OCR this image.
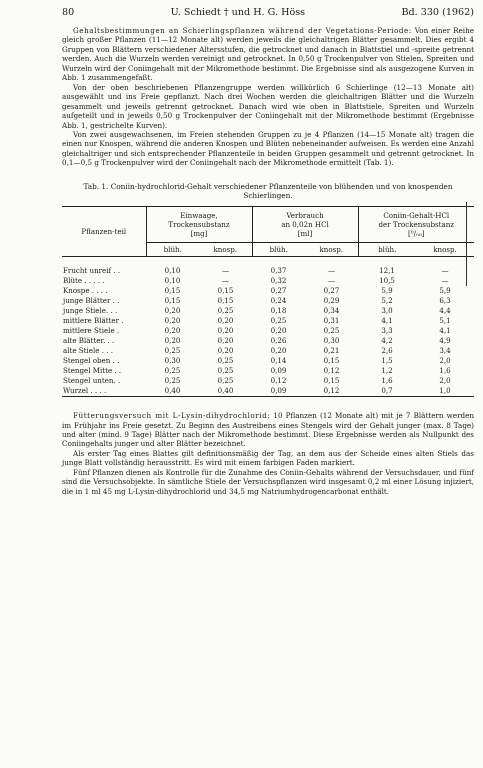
80	U. Schiedt † und H. G. Höss	Bd. 330 (1962)

Gehaltsbestimmungen an Schierlingspflanzen während der Vegetations-Periode: Von einer Reihe gleich großer Pflanzen (11—12 Monate alt) werden jeweils die gleichaltrigen Blätter gesammelt. Dies ergibt 4 Gruppen von Blättern verschiedener Altersstufen, die getrocknet und danach in Blattstiel und -spreite getrennt werden. Auch die Wurzeln werden vereinigt und getrocknet. In 0,50 g Trockenpulver von Stielen, Spreiten und Wurzeln wird der Coniingehalt mit der Mikromethode bestimmt. Die Ergebnisse sind als ausgezogene Kurven in Abb. 1 zusammengefaßt.

Von der oben beschriebenen Pflanzengruppe werden willkürlich 6 Schierlinge (12—13 Monate alt) ausgewählt und ins Freie gepflanzt. Nach drei Wochen werden die gleichaltrigen Blätter und die Wurzeln gesammelt und jeweils getrennt getrocknet. Danach wird wie oben in Blattstiele, Spreiten und Wurzeln aufgeteilt und in jeweils 0,50 g Trockenpulver der Coniingehalt mit der Mikromethode bestimmt (Ergebnisse Abb. 1, gestrichelte Kurven).

Von zwei ausgewachsenen, im Freien stehenden Gruppen zu je 4 Pflanzen (14—15 Monate alt) tragen die einen nur Knospen, während die anderen Knospen und Blüten nebeneinander aufweisen. Es werden eine Anzahl gleichaltriger und sich entsprechender Pflanzenteile in beiden Gruppen gesammelt und getrennt getrocknet. In 0,1—0,5 g Trockenpulver wird der Coniingehalt nach der Mikromethode ermittelt (Tab. 1).

Tab. 1. Coniin-hydrochlorid-Gehalt verschiedener Pflanzenteile von blühenden und von knospenden Schierlingen.
Pflanzen-teil	Einwaage,		Verbrauch		Coniin-Gehalt-HCl	
	Trockensubstanz		an 0,02n HCl		der Trockensubstanz	
	[mg]		[ml]		[⁰/₀₀]	
	blüh.	knosp.	blüh.	knosp.	blüh.	knosp.

Frucht unreif . .	0,10	—	0,37	—	12,1	—
Blüte . . . . .	0,10	—	0,32	—	10,5	—
Knospe . . . .	0,15	0,15	0,27	0,27	5,9	5,9
junge Blätter . .	0,15	0,15	0,24	0,29	5,2	6,3
junge Stiele. . .	0,20	0,25	0,18	0,34	3,0	4,4
mittlere Blätter .	0,20	0,20	0,25	0,31	4,1	5,1
mittlere Stiele .	0,20	0,20	0,20	0,25	3,3	4,1
alte Blätter. . .	0,20	0,20	0,26	0,30	4,2	4,9
alte Stiele . . .	0,25	0,20	0,20	0,21	2,6	3,4
Stengel oben . .	0,30	0,25	0,14	0,15	1,5	2,0
Stengel Mitte . .	0,25	0,25	0,09	0,12	1,2	1,6
Stengel unten. .	0,25	0,25	0,12	0,15	1,6	2,0
Wurzel . . . .	0,40	0,40	0,09	0,12	0,7	1,0

Fütterungsversuch mit L-Lysin-dihydrochlorid: 10 Pflanzen (12 Monate alt) mit je 7 Blättern werden im Frühjahr ins Freie gesetzt. Zu Beginn des Austreibens eines Stengels wird der Gehalt junger (max. 8 Tage) und alter (mind. 9 Tage) Blätter nach der Mikromethode bestimmt. Diese Ergebnisse werden als Nullpunkt des Coniingehalts junger und alter Blätter bezeichnet.

Als erster Tag eines Blattes gilt definitionsmäßig der Tag, an dem aus der Scheide eines alten Stiels das junge Blatt vollständig herausstritt. Es wird mit einem farbigen Faden markiert.

Fünf Pflanzen dienen als Kontrolle für die Zunahme des Coniin-Gehalts während der Versuchsdauer, und fünf sind die Versuchsobjekte. In sämtliche Stiele der Versuchspflanzen wird insgesamt 0,2 ml einer Lösung injiziert, die in 1 ml 45 mg L-Lysin-dihydrochlorid und 34,5 mg Natriumhydrogencarbonat enthält.
